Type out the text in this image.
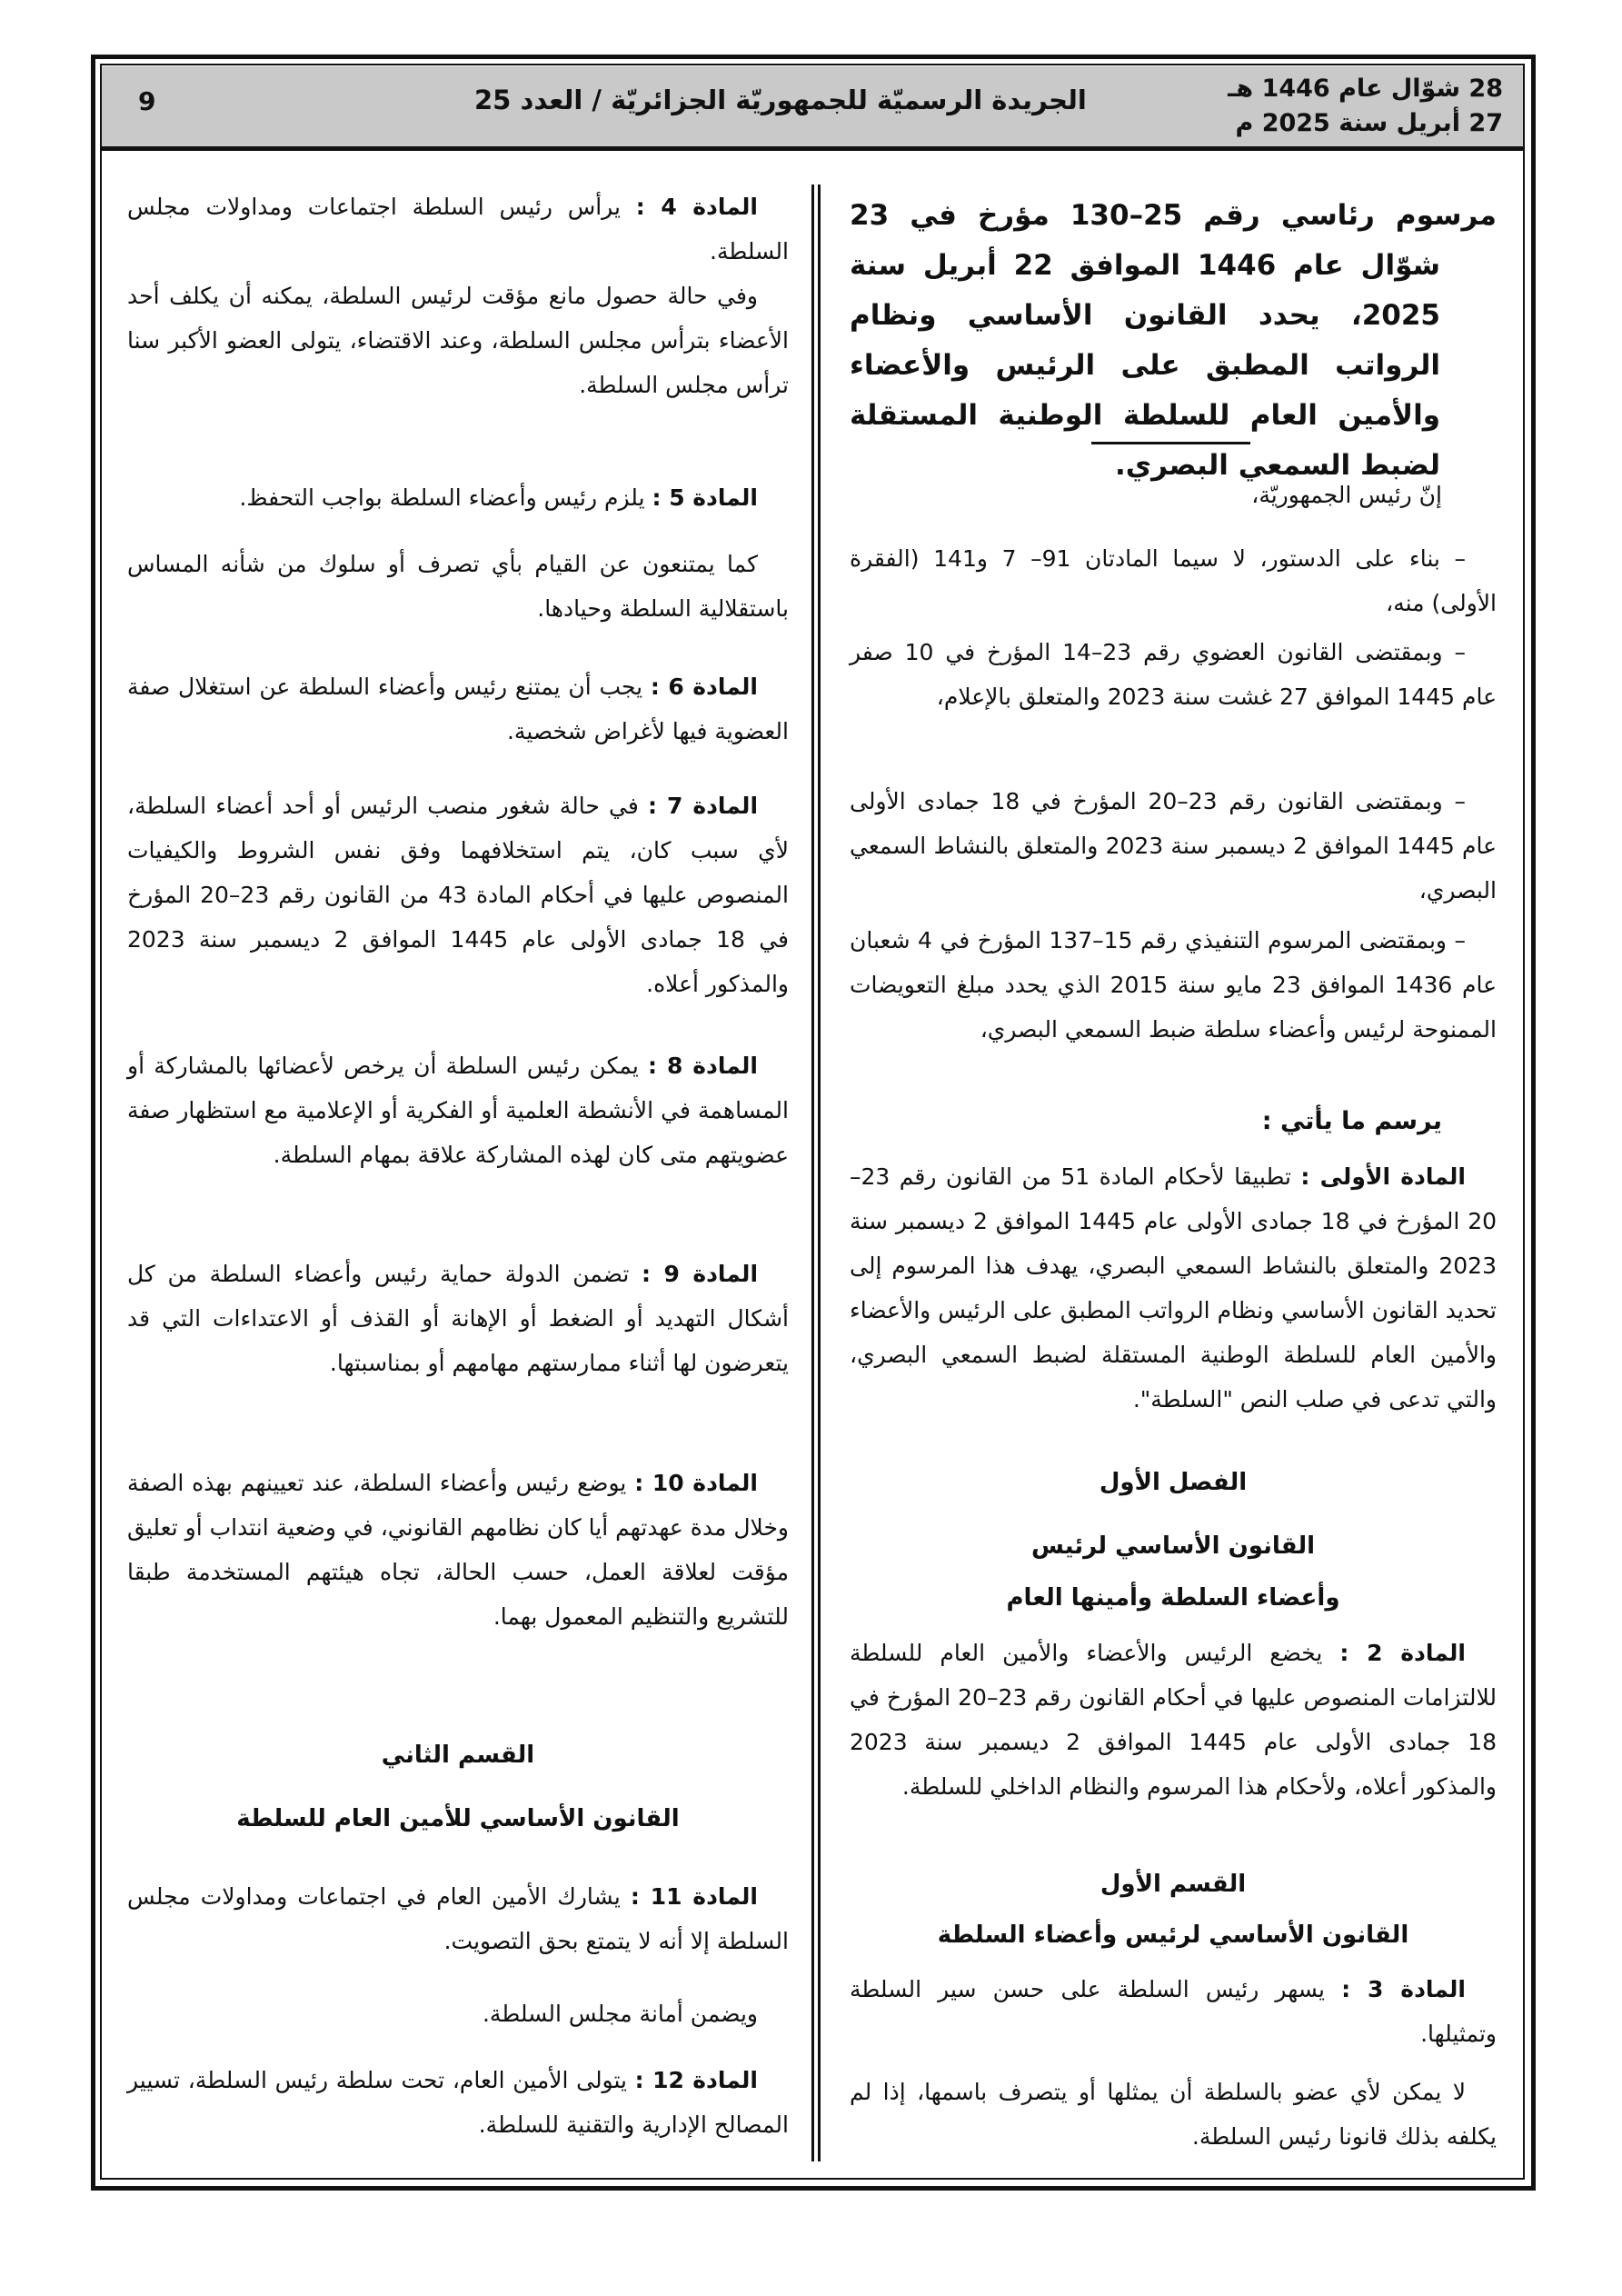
9	الجريدة الرسميّة للجمهوريّة الجزائريّة / العدد 25	28 شوّال عام 1446 هـ
27 أبريل سنة 2025 م
مرسوم رئاسي رقم 25–130 مؤرخ في 23 شوّال عام 1446 الموافق 22 أبريل سنة 2025، يحدد القانون الأساسي ونظام الرواتب المطبق على الرئيس والأعضاء والأمين العام للسلطة الوطنية المستقلة لضبط السمعي البصري.
إنّ رئيس الجمهوريّة،
– بناء على الدستور، لا سيما المادتان 91– 7 و141 (الفقرة الأولى) منه،
– وبمقتضى القانون العضوي رقم 23–14 المؤرخ في 10 صفر عام 1445 الموافق 27 غشت سنة 2023 والمتعلق بالإعلام،
– وبمقتضى القانون رقم 23–20 المؤرخ في 18 جمادى الأولى عام 1445 الموافق 2 ديسمبر سنة 2023 والمتعلق بالنشاط السمعي البصري،
– وبمقتضى المرسوم التنفيذي رقم 15–137 المؤرخ في 4 شعبان عام 1436 الموافق 23 مايو سنة 2015 الذي يحدد مبلغ التعويضات الممنوحة لرئيس وأعضاء سلطة ضبط السمعي البصري،
يرسم ما يأتي :
المادة الأولى : تطبيقا لأحكام المادة 51 من القانون رقم 23–20 المؤرخ في 18 جمادى الأولى عام 1445 الموافق 2 ديسمبر سنة 2023 والمتعلق بالنشاط السمعي البصري، يهدف هذا المرسوم إلى تحديد القانون الأساسي ونظام الرواتب المطبق على الرئيس والأعضاء والأمين العام للسلطة الوطنية المستقلة لضبط السمعي البصري، والتي تدعى في صلب النص "السلطة".
الفصل الأول
القانون الأساسي لرئيس
وأعضاء السلطة وأمينها العام
المادة 2 : يخضع الرئيس والأعضاء والأمين العام للسلطة للالتزامات المنصوص عليها في أحكام القانون رقم 23–20 المؤرخ في 18 جمادى الأولى عام 1445 الموافق 2 ديسمبر سنة 2023 والمذكور أعلاه، ولأحكام هذا المرسوم والنظام الداخلي للسلطة.
القسم الأول
القانون الأساسي لرئيس وأعضاء السلطة
المادة 3 : يسهر رئيس السلطة على حسن سير السلطة وتمثيلها.
لا يمكن لأي عضو بالسلطة أن يمثلها أو يتصرف باسمها، إذا لم يكلفه بذلك قانونا رئيس السلطة.
المادة 4 : يرأس رئيس السلطة اجتماعات ومداولات مجلس السلطة.
وفي حالة حصول مانع مؤقت لرئيس السلطة، يمكنه أن يكلف أحد الأعضاء بترأس مجلس السلطة، وعند الاقتضاء، يتولى العضو الأكبر سنا ترأس مجلس السلطة.
المادة 5 : يلزم رئيس وأعضاء السلطة بواجب التحفظ.
كما يمتنعون عن القيام بأي تصرف أو سلوك من شأنه المساس باستقلالية السلطة وحيادها.
المادة 6 : يجب أن يمتنع رئيس وأعضاء السلطة عن استغلال صفة العضوية فيها لأغراض شخصية.
المادة 7 : في حالة شغور منصب الرئيس أو أحد أعضاء السلطة، لأي سبب كان، يتم استخلافهما وفق نفس الشروط والكيفيات المنصوص عليها في أحكام المادة 43 من القانون رقم 23–20 المؤرخ في 18 جمادى الأولى عام 1445 الموافق 2 ديسمبر سنة 2023 والمذكور أعلاه.
المادة 8 : يمكن رئيس السلطة أن يرخص لأعضائها بالمشاركة أو المساهمة في الأنشطة العلمية أو الفكرية أو الإعلامية مع استظهار صفة عضويتهم متى كان لهذه المشاركة علاقة بمهام السلطة.
المادة 9 : تضمن الدولة حماية رئيس وأعضاء السلطة من كل أشكال التهديد أو الضغط أو الإهانة أو القذف أو الاعتداءات التي قد يتعرضون لها أثناء ممارستهم مهامهم أو بمناسبتها.
المادة 10 : يوضع رئيس وأعضاء السلطة، عند تعيينهم بهذه الصفة وخلال مدة عهدتهم أيا كان نظامهم القانوني، في وضعية انتداب أو تعليق مؤقت لعلاقة العمل، حسب الحالة، تجاه هيئتهم المستخدمة طبقا للتشريع والتنظيم المعمول بهما.
القسم الثاني
القانون الأساسي للأمين العام للسلطة
المادة 11 : يشارك الأمين العام في اجتماعات ومداولات مجلس السلطة إلا أنه لا يتمتع بحق التصويت.
ويضمن أمانة مجلس السلطة.
المادة 12 : يتولى الأمين العام، تحت سلطة رئيس السلطة، تسيير المصالح الإدارية والتقنية للسلطة.
